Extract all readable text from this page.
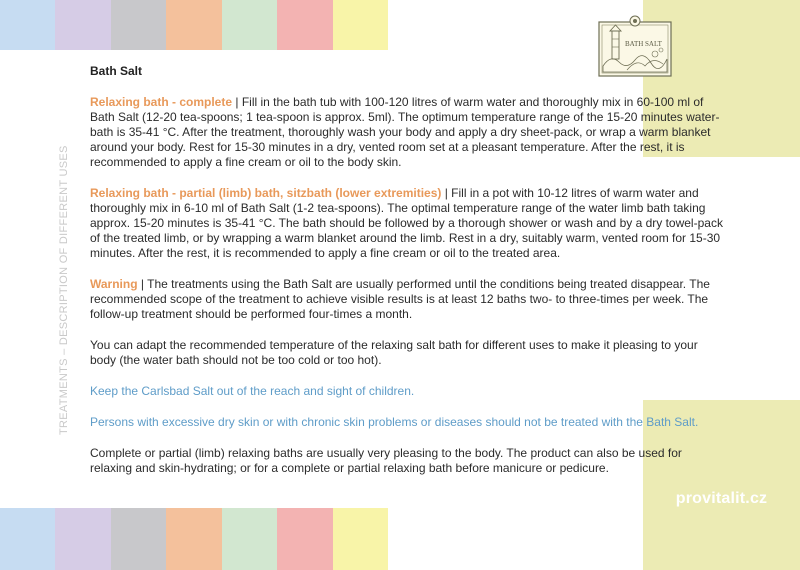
BATH SALT
TREATMENTS – DESCRIPTION OF DIFFERENT USES
Bath Salt

Relaxing bath - complete | Fill in the bath tub with 100-120 litres of warm water and thoroughly mix in 60-100 ml of Bath Salt (12-20 tea-spoons; 1 tea-spoon is approx. 5ml). The optimum temperature range of the 15-20 minutes water-bath is 35-41 °C. After the treatment, thoroughly wash your body and apply a dry sheet-pack, or wrap a warm blanket around your body. Rest for 15-30 minutes in a dry, vented room set at a pleasant temperature. After the rest, it is recommended to apply a fine cream or oil to the body skin.

Relaxing bath - partial (limb) bath, sitzbath (lower extremities) | Fill in a pot with 10-12 litres of warm water and thoroughly mix in 6-10 ml of Bath Salt (1-2 tea-spoons). The optimal temperature range of the water limb bath taking approx. 15-20 minutes is 35-41 °C. The bath should be followed by a thorough shower or wash and by a dry towel-pack of the treated limb, or by wrapping a warm blanket around the limb. Rest in a dry, suitably warm, vented room for 15-30 minutes. After the rest, it is recommended to apply a fine cream or oil to the treated area.

Warning | The treatments using the Bath Salt are usually performed until the conditions being treated disappear. The recommended scope of the treatment to achieve visible results is at least 12 baths two- to three-times per week. The follow-up treatment should be performed four-times a month.

You can adapt the recommended temperature of the relaxing salt bath for different uses to make it pleasing to your body (the water bath should not be too cold or too hot).

Keep the Carlsbad Salt out of the reach and sight of children.

Persons with excessive dry skin or with chronic skin problems or diseases should not be treated with the Bath Salt.

Complete or partial (limb) relaxing baths are usually very pleasing to the body. The product can also be used for relaxing and skin-hydrating; or for a complete or partial relaxing bath before manicure or pedicure.

provitalit.cz
